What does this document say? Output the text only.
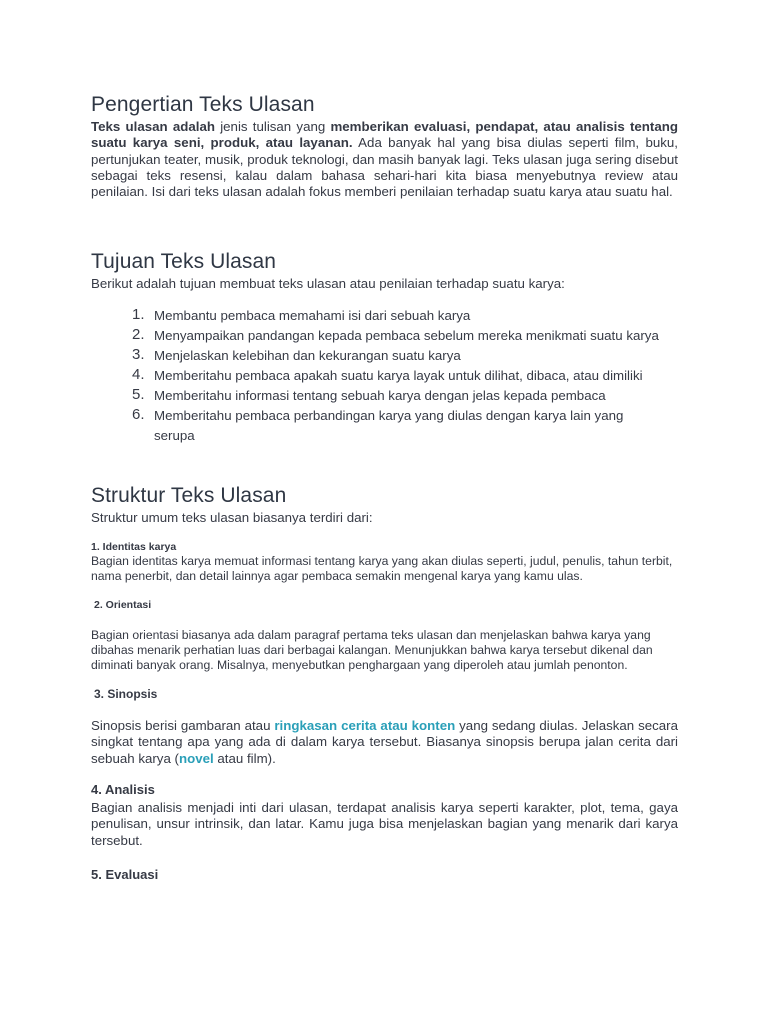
Pengertian Teks Ulasan

Teks ulasan adalah jenis tulisan yang memberikan evaluasi, pendapat, atau analisis tentang suatu karya seni, produk, atau layanan. Ada banyak hal yang bisa diulas seperti film, buku, pertunjukan teater, musik, produk teknologi, dan masih banyak lagi. Teks ulasan juga sering disebut sebagai teks resensi, kalau dalam bahasa sehari-hari kita biasa menyebutnya review atau penilaian. Isi dari teks ulasan adalah fokus memberi penilaian terhadap suatu karya atau suatu hal.

Tujuan Teks Ulasan

Berikut adalah tujuan membuat teks ulasan atau penilaian terhadap suatu karya:

1. Membantu pembaca memahami isi dari sebuah karya
2. Menyampaikan pandangan kepada pembaca sebelum mereka menikmati suatu karya
3. Menjelaskan kelebihan dan kekurangan suatu karya
4. Memberitahu pembaca apakah suatu karya layak untuk dilihat, dibaca, atau dimiliki
5. Memberitahu informasi tentang sebuah karya dengan jelas kepada pembaca
6. Memberitahu pembaca perbandingan karya yang diulas dengan karya lain yang serupa
Struktur Teks Ulasan

Struktur umum teks ulasan biasanya terdiri dari:

1. Identitas karya

Bagian identitas karya memuat informasi tentang karya yang akan diulas seperti, judul, penulis, tahun terbit, nama penerbit, dan detail lainnya agar pembaca semakin mengenal karya yang kamu ulas.

2. Orientasi

Bagian orientasi biasanya ada dalam paragraf pertama teks ulasan dan menjelaskan bahwa karya yang dibahas menarik perhatian luas dari berbagai kalangan. Menunjukkan bahwa karya tersebut dikenal dan diminati banyak orang. Misalnya, menyebutkan penghargaan yang diperoleh atau jumlah penonton.

3. Sinopsis

Sinopsis berisi gambaran atau ringkasan cerita atau konten yang sedang diulas. Jelaskan secara singkat tentang apa yang ada di dalam karya tersebut. Biasanya sinopsis berupa jalan cerita dari sebuah karya (novel atau film).

4. Analisis

Bagian analisis menjadi inti dari ulasan, terdapat analisis karya seperti karakter, plot, tema, gaya penulisan, unsur intrinsik, dan latar. Kamu juga bisa menjelaskan bagian yang menarik dari karya tersebut.

5. Evaluasi
